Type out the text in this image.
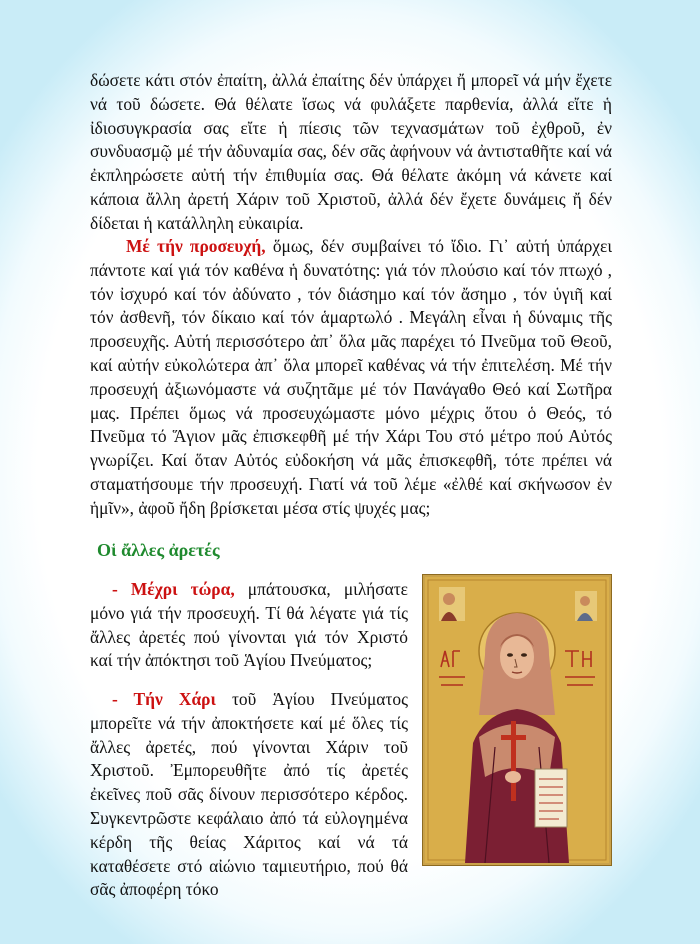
δώσετε κάτι στόν ἐπαίτη, ἀλλά ἐπαίτης δέν ὑπάρχει ἤ μπορεῖ νά μήν ἔχετε νά τοῦ δώσετε. Θά θέλατε ἴσως νά φυλάξετε παρθενία, ἀλλά εἴτε ἡ ἰδιοσυγκρασία σας εἴτε ἡ πίεσις τῶν τεχνασμάτων τοῦ ἐχθροῦ, ἐν συνδυασμῷ μέ τήν ἀδυναμία σας, δέν σᾶς ἀφήνουν νά ἀντισταθῆτε καί νά ἐκπληρώσετε αὐτή τήν ἐπιθυμία σας. Θά θέλατε ἀκόμη νά κάνετε καί κάποια ἄλλη ἀρετή Χάριν τοῦ Χριστοῦ, ἀλλά δέν ἔχετε δυνάμεις ἤ δέν δίδεται ἡ κατάλληλη εὐκαιρία.

Μέ τήν προσευχή, ὅμως, δέν συμβαίνει τό ἴδιο. Γι᾽ αὐτή ὑπάρχει πάντοτε καί γιά τόν καθένα ἡ δυνατότης: γιά τόν πλούσιο καί τόν πτωχό , τόν ἰσχυρό καί τόν ἀδύνατο , τόν διάσημο καί τόν ἄσημο , τόν ὑγιῆ καί τόν ἀσθενῆ, τόν δίκαιο καί τόν ἁμαρτωλό . Μεγάλη εἶναι ἡ δύναμις τῆς προσευχῆς. Αὐτή περισσότερο ἀπ᾽ ὅλα μᾶς παρέχει τό Πνεῦμα τοῦ Θεοῦ, καί αὐτήν εὐκολώτερα ἀπ᾽ ὅλα μπορεῖ καθένας νά τήν ἐπιτελέση. Μέ τήν προσευχή ἀξιωνόμαστε νά συζητᾶμε μέ τόν Πανάγαθο Θεό καί Σωτῆρα μας. Πρέπει ὅμως νά προσευχώμαστε μόνο μέχρις ὅτου ὁ Θεός, τό Πνεῦμα τό Ἅγιον μᾶς ἐπισκεφθῆ μέ τήν Χάρι Του στό μέτρο πού Αὐτός γνωρίζει. Καί ὅταν Αὐτός εὐδοκήση νά μᾶς ἐπισκεφθῆ, τότε πρέπει νά σταματήσουμε τήν προσευχή. Γιατί νά τοῦ λέμε «ἐλθέ καί σκήνωσον ἐν ἡμῖν», ἀφοῦ ἤδη βρίσκεται μέσα στίς ψυχές μας;

Οἱ ἄλλες ἀρετές

- Μέχρι τώρα, μπάτουσκα, μιλήσατε μόνο γιά τήν προσευχή. Τί θά λέγατε γιά τίς ἄλλες ἀρετές πού γίνονται γιά τόν Χριστό καί τήν ἀπόκτησι τοῦ Ἁγίου Πνεύματος;

- Τήν Χάρι τοῦ Ἁγίου Πνεύματος μπορεῖτε νά τήν ἀποκτήσετε καί μέ ὅλες τίς ἄλλες ἀρετές, πού γίνονται Χάριν τοῦ Χριστοῦ. Ἐμπορευθῆτε ἀπό τίς ἀρετές ἐκεῖνες ποῦ σᾶς δίνουν περισσότερο κέρδος. Συγκεντρῶστε κεφάλαιο ἀπό τά εὐλογημένα κέρδη τῆς θείας Χάριτος καί νά τά καταθέσετε στό αἰώνιο ταμιευτήριο, πού θά σᾶς ἀποφέρη τόκο
